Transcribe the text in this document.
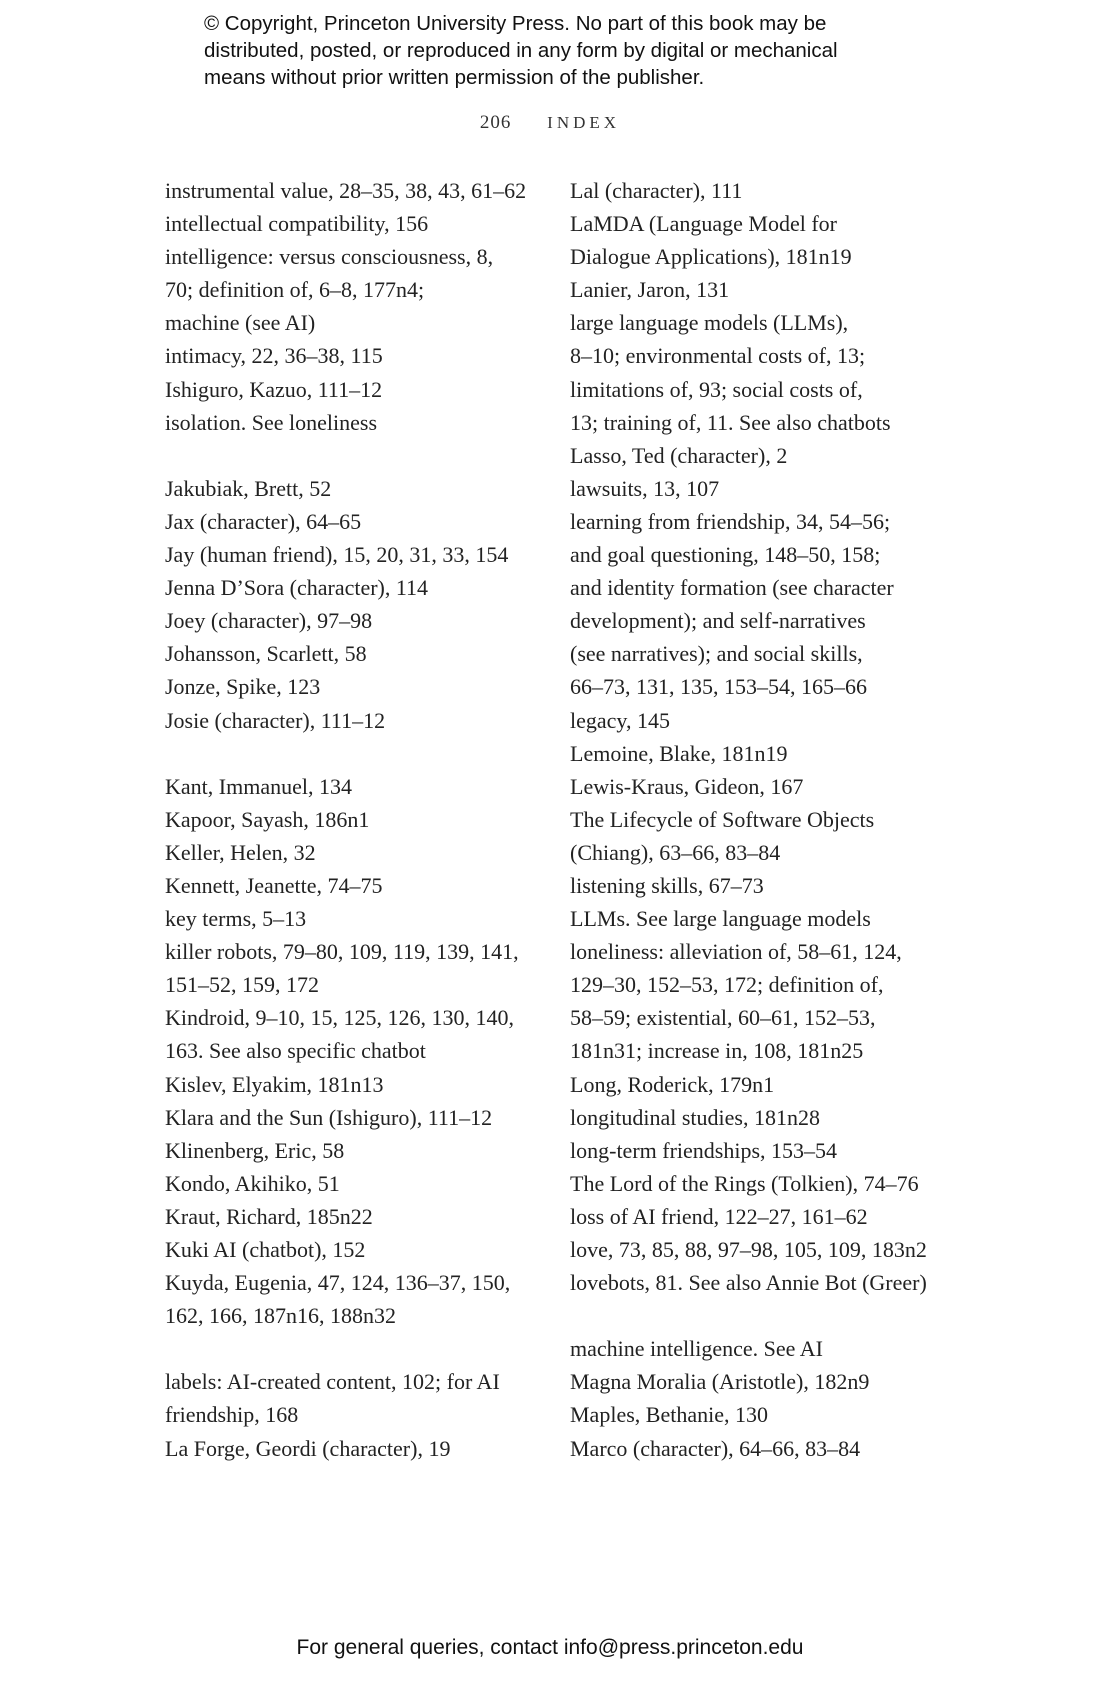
© Copyright, Princeton University Press. No part of this book may be
distributed, posted, or reproduced in any form by digital or mechanical
means without prior written permission of the publisher.
206 INDEX
instrumental value, 28–35, 38, 43, 61–62
intellectual compatibility, 156
intelligence: versus consciousness, 8,
70; definition of, 6–8, 177n4;
machine (see AI)
intimacy, 22, 36–38, 115
Ishiguro, Kazuo, 111–12
isolation. See loneliness
Jakubiak, Brett, 52
Jax (character), 64–65
Jay (human friend), 15, 20, 31, 33, 154
Jenna D’Sora (character), 114
Joey (character), 97–98
Johansson, Scarlett, 58
Jonze, Spike, 123
Josie (character), 111–12
Kant, Immanuel, 134
Kapoor, Sayash, 186n1
Keller, Helen, 32
Kennett, Jeanette, 74–75
key terms, 5–13
killer robots, 79–80, 109, 119, 139, 141,
151–52, 159, 172
Kindroid, 9–10, 15, 125, 126, 130, 140,
163. See also specific chatbot
Kislev, Elyakim, 181n13
Klara and the Sun (Ishiguro), 111–12
Klinenberg, Eric, 58
Kondo, Akihiko, 51
Kraut, Richard, 185n22
Kuki AI (chatbot), 152
Kuyda, Eugenia, 47, 124, 136–37, 150,
162, 166, 187n16, 188n32
labels: AI-created content, 102; for AI
friendship, 168
La Forge, Geordi (character), 19
Lal (character), 111
LaMDA (Language Model for
Dialogue Applications), 181n19
Lanier, Jaron, 131
large language models (LLMs),
8–10; environmental costs of, 13;
limitations of, 93; social costs of,
13; training of, 11. See also chatbots
Lasso, Ted (character), 2
lawsuits, 13, 107
learning from friendship, 34, 54–56;
and goal questioning, 148–50, 158;
and identity formation (see character
development); and self-narratives
(see narratives); and social skills,
66–73, 131, 135, 153–54, 165–66
legacy, 145
Lemoine, Blake, 181n19
Lewis-Kraus, Gideon, 167
The Lifecycle of Software Objects
(Chiang), 63–66, 83–84
listening skills, 67–73
LLMs. See large language models
loneliness: alleviation of, 58–61, 124,
129–30, 152–53, 172; definition of,
58–59; existential, 60–61, 152–53,
181n31; increase in, 108, 181n25
Long, Roderick, 179n1
longitudinal studies, 181n28
long-term friendships, 153–54
The Lord of the Rings (Tolkien), 74–76
loss of AI friend, 122–27, 161–62
love, 73, 85, 88, 97–98, 105, 109, 183n2
lovebots, 81. See also Annie Bot (Greer)
machine intelligence. See AI
Magna Moralia (Aristotle), 182n9
Maples, Bethanie, 130
Marco (character), 64–66, 83–84
For general queries, contact info@press.princeton.edu
